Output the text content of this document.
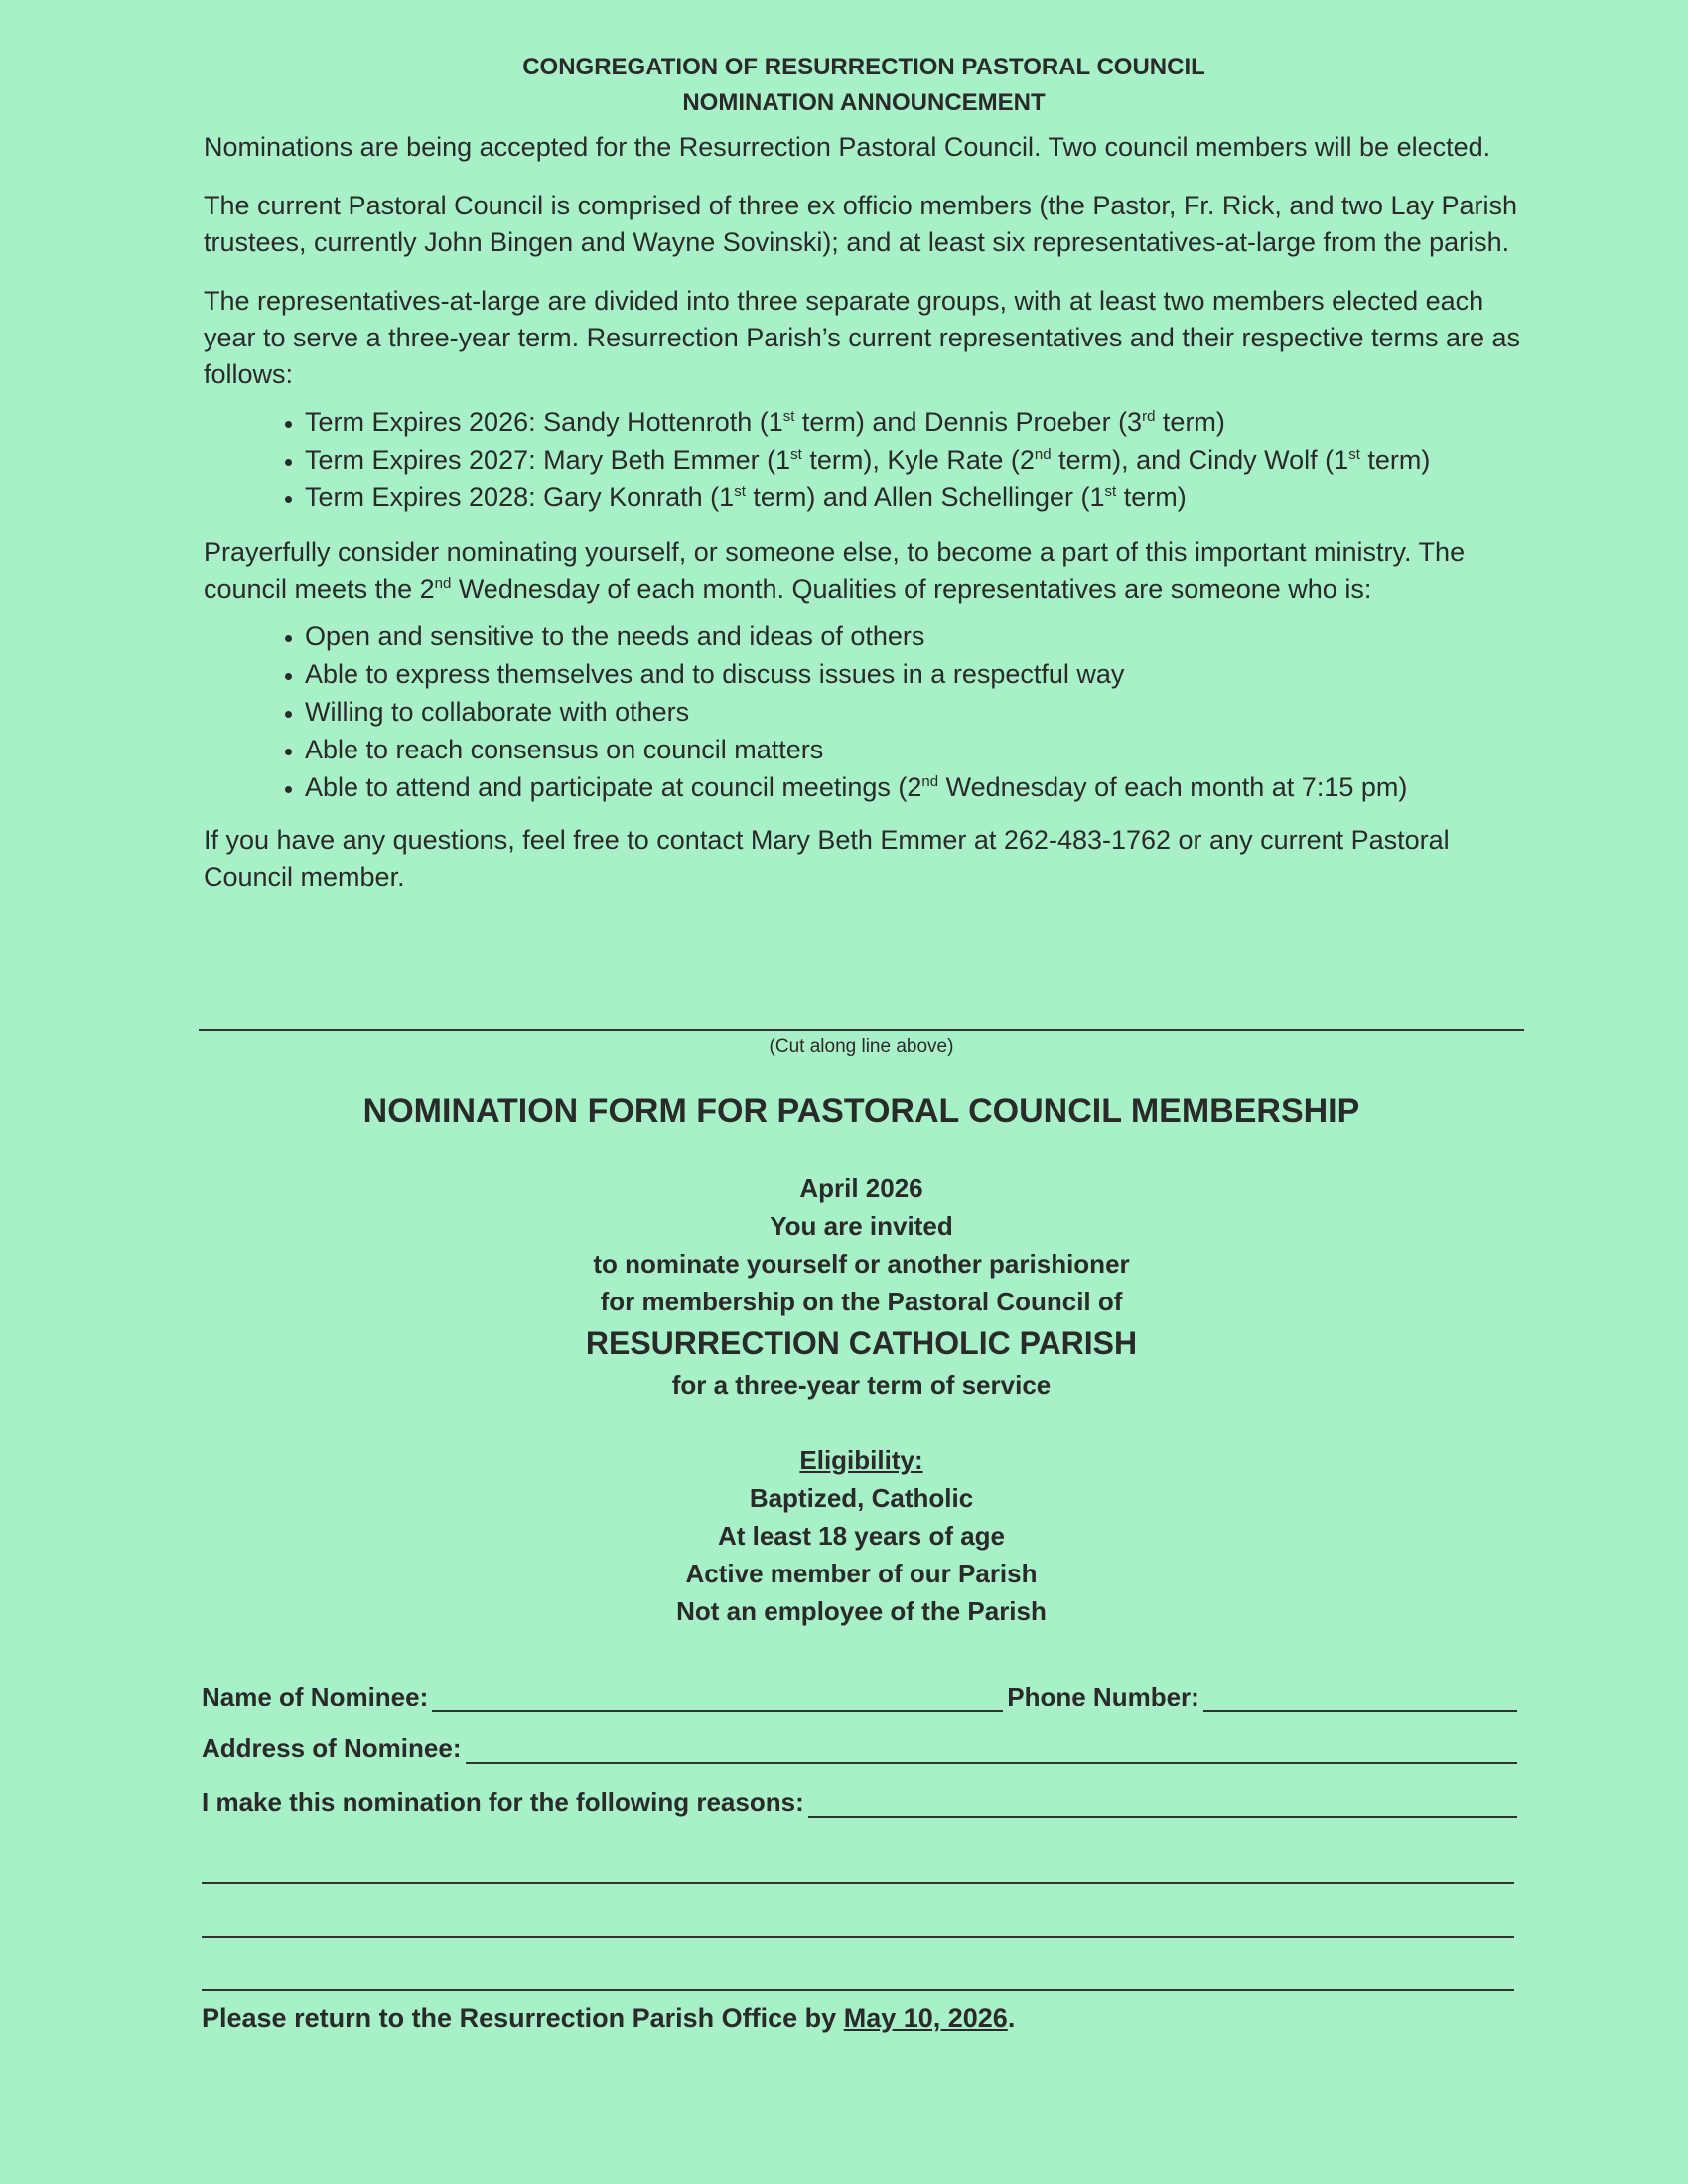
CONGREGATION OF RESURRECTION PASTORAL COUNCIL
NOMINATION ANNOUNCEMENT

Nominations are being accepted for the Resurrection Pastoral Council. Two council members will be elected.

The current Pastoral Council is comprised of three ex officio members (the Pastor, Fr. Rick, and two Lay Parish trustees, currently John Bingen and Wayne Sovinski); and at least six representatives-at-large from the parish.

The representatives-at-large are divided into three separate groups, with at least two members elected each year to serve a three-year term. Resurrection Parish’s current representatives and their respective terms are as follows:

• Term Expires 2026: Sandy Hottenroth (1st term) and Dennis Proeber (3rd term)
• Term Expires 2027: Mary Beth Emmer (1st term), Kyle Rate (2nd term), and Cindy Wolf (1st term)
• Term Expires 2028: Gary Konrath (1st term) and Allen Schellinger (1st term)

Prayerfully consider nominating yourself, or someone else, to become a part of this important ministry. The council meets the 2nd Wednesday of each month. Qualities of representatives are someone who is:

• Open and sensitive to the needs and ideas of others
• Able to express themselves and to discuss issues in a respectful way
• Willing to collaborate with others
• Able to reach consensus on council matters
• Able to attend and participate at council meetings (2nd Wednesday of each month at 7:15 pm)

If you have any questions, feel free to contact Mary Beth Emmer at 262-483-1762 or any current Pastoral Council member.

(Cut along line above)
NOMINATION FORM FOR PASTORAL COUNCIL MEMBERSHIP
April 2026
You are invited
to nominate yourself or another parishioner
for membership on the Pastoral Council of
RESURRECTION CATHOLIC PARISH
for a three-year term of service
Eligibility:
Baptized, Catholic
At least 18 years of age
Active member of our Parish
Not an employee of the Parish
Name of Nominee:	Phone Number:
Address of Nominee:
I make this nomination for the following reasons:
Please return to the Resurrection Parish Office by May 10, 2026.
